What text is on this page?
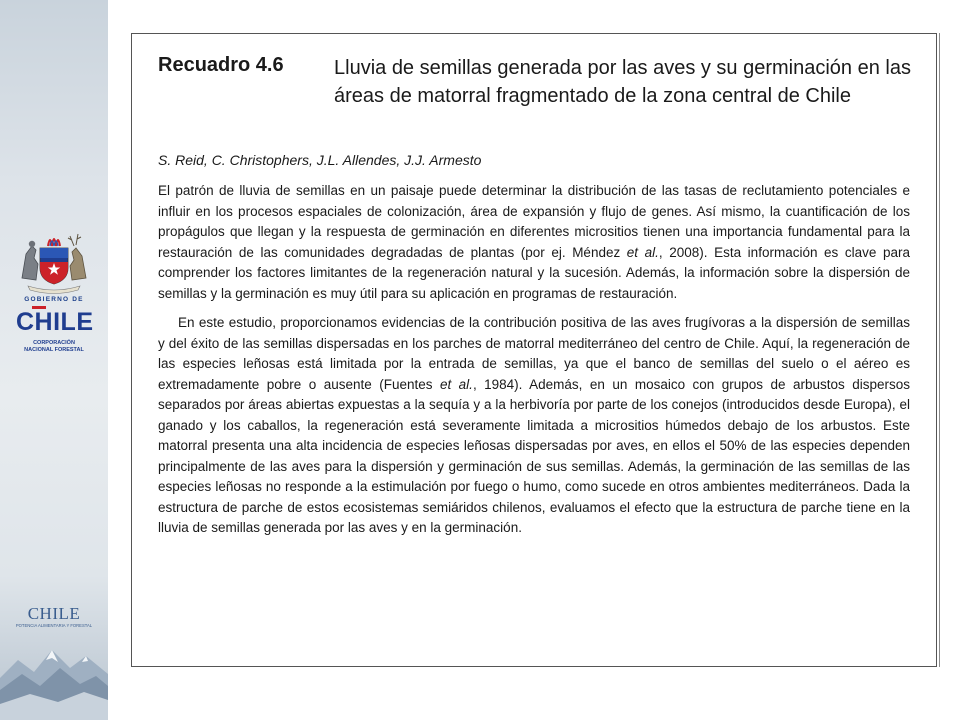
GOBIERNO DE
CHILE
CORPORACIÓN
NACIONAL FORESTAL
CHILE
POTENCIA ALIMENTARIA Y FORESTAL
Recuadro 4.6	Lluvia de semillas generada por las aves y su germinación en las áreas de matorral fragmentado de la zona central de Chile
S. Reid, C. Christophers, J.L. Allendes, J.J. Armesto

El patrón de lluvia de semillas en un paisaje puede determinar la distribución de las tasas de reclutamiento potenciales e influir en los procesos espaciales de colonización, área de expansión y flujo de genes. Así mismo, la cuantificación de los propágulos que llegan y la respuesta de germinación en diferentes micrositios tienen una importancia fundamental para la restauración de las comunidades degradadas de plantas (por ej. Méndez et al., 2008). Esta información es clave para comprender los factores limitantes de la regeneración natural y la sucesión. Además, la información sobre la dispersión de semillas y la germinación es muy útil para su aplicación en programas de restauración.

En este estudio, proporcionamos evidencias de la contribución positiva de las aves frugívoras a la dispersión de semillas y del éxito de las semillas dispersadas en los parches de matorral mediterráneo del centro de Chile. Aquí, la regeneración de las especies leñosas está limitada por la entrada de semillas, ya que el banco de semillas del suelo o el aéreo es extremadamente pobre o ausente (Fuentes et al., 1984). Además, en un mosaico con grupos de arbustos dispersos separados por áreas abiertas expuestas a la sequía y a la herbivoría por parte de los conejos (introducidos desde Europa), el ganado y los caballos, la regeneración está severamente limitada a micrositios húmedos debajo de los arbustos. Este matorral presenta una alta incidencia de especies leñosas dispersadas por aves, en ellos el 50% de las especies dependen principalmente de las aves para la dispersión y germinación de sus semillas. Además, la germinación de las semillas de las especies leñosas no responde a la estimulación por fuego o humo, como sucede en otros ambientes mediterráneos. Dada la estructura de parche de estos ecosistemas semiáridos chilenos, evaluamos el efecto que la estructura de parche tiene en la lluvia de semillas generada por las aves y en la germinación.
